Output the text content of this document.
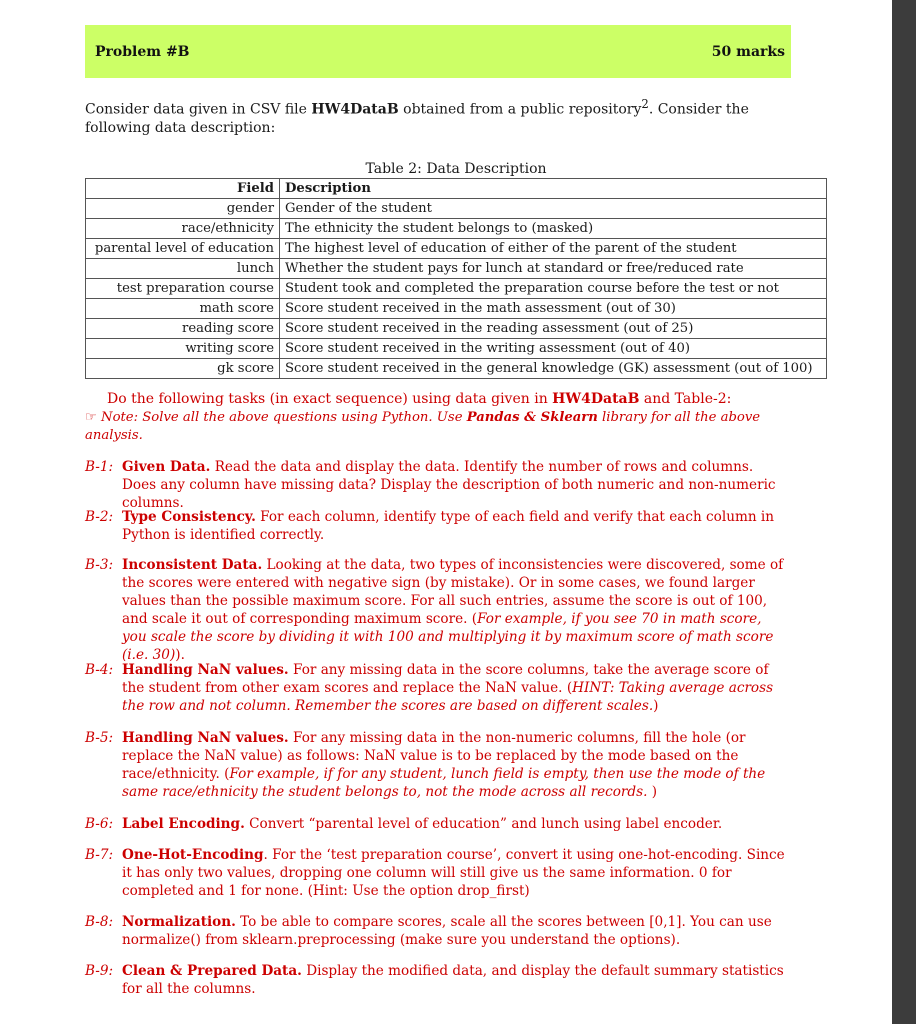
Problem #B	50 marks
Consider data given in CSV file HW4DataB obtained from a public repository$^2$. Consider the following data description:
Table 2: Data Description
Field	Description
gender	Gender of the student
race/ethnicity	The ethnicity the student belongs to (masked)
parental level of education	The highest level of education of either of the parent of the student
lunch	Whether the student pays for lunch at standard or free/reduced rate
test preparation course	Student took and completed the preparation course before the test or not
math score	Score student received in the math assessment (out of 30)
reading score	Score student received in the reading assessment (out of 25)
writing score	Score student received in the writing assessment (out of 40)
gk score	Score student received in the general knowledge (GK) assessment (out of 100)
Do the following tasks (in exact sequence) using data given in HW4DataB and Table-2:
☞ Note: Solve all the above questions using Python. Use Pandas & Sklearn library for all the above analysis.
B-1: Given Data. Read the data and display the data. Identify the number of rows and columns. Does any column have missing data? Display the description of both numeric and non-numeric columns.
B-2: Type Consistency. For each column, identify type of each field and verify that each column in Python is identified correctly.
B-3: Inconsistent Data. Looking at the data, two types of inconsistencies were discovered, some of the scores were entered with negative sign (by mistake). Or in some cases, we found larger values than the possible maximum score. For all such entries, assume the score is out of 100, and scale it out of corresponding maximum score. (For example, if you see 70 in math score, you scale the score by dividing it with 100 and multiplying it by maximum score of math score (i.e. 30)).
B-4: Handling NaN values. For any missing data in the score columns, take the average score of the student from other exam scores and replace the NaN value. (HINT: Taking average across the row and not column. Remember the scores are based on different scales.)
B-5: Handling NaN values. For any missing data in the non-numeric columns, fill the hole (or replace the NaN value) as follows: NaN value is to be replaced by the mode based on the race/ethnicity. (For example, if for any student, lunch field is empty, then use the mode of the same race/ethnicity the student belongs to, not the mode across all records. )
B-6: Label Encoding. Convert “parental level of education” and lunch using label encoder.
B-7: One-Hot-Encoding. For the ‘test preparation course’, convert it using one-hot-encoding. Since it has only two values, dropping one column will still give us the same information. 0 for completed and 1 for none. (Hint: Use the option drop_first)
B-8: Normalization. To be able to compare scores, scale all the scores between [0,1]. You can use normalize() from sklearn.preprocessing (make sure you understand the options).
B-9: Clean & Prepared Data. Display the modified data, and display the default summary statistics for all the columns.
